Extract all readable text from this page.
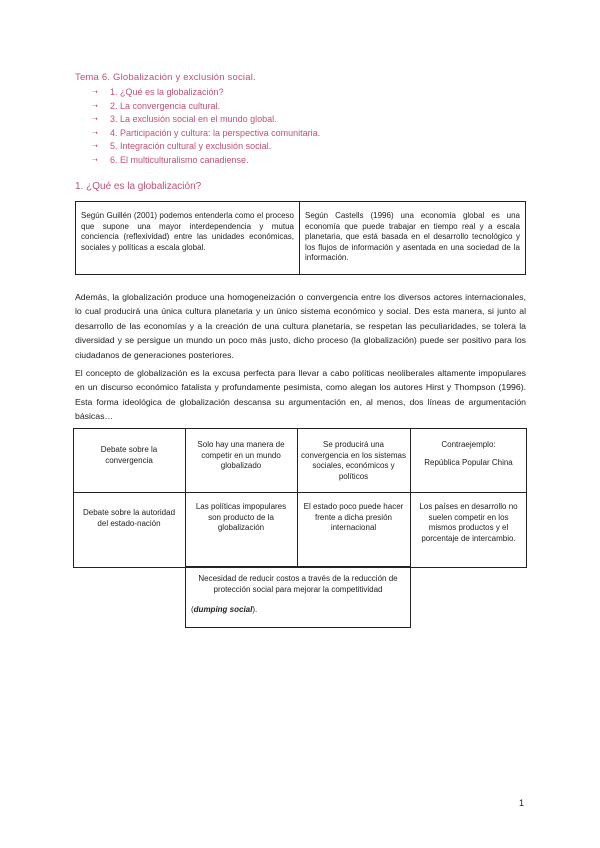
Tema 6. Globalización y exclusión social.
➝ 1. ¿Qué es la globalización?
➝ 2. La convergencia cultural.
➝ 3. La exclusión social en el mundo global.
➝ 4. Participación y cultura: la perspectiva comunitaria.
➝ 5. Integración cultural y exclusión social.
➝ 6. El multiculturalismo canadiense.
1. ¿Qué es la globalización?
Según Guillén (2001) podemos entenderla como el proceso que supone una mayor interdependencia y mutua conciencia (reflexividad) entre las unidades económicas, sociales y políticas a escala global.
Según Castells (1996) una economía global es una economía que puede trabajar en tiempo real y a escala planetaria, que está basada en el desarrollo tecnológico y los flujos de información y asentada en una sociedad de la información.
Además, la globalización produce una homogeneización o convergencia entre los diversos actores internacionales, lo cual producirá una única cultura planetaria y un único sistema económico y social. Des esta manera, si junto al desarrollo de las economías y a la creación de una cultura planetaria, se respetan las peculiaridades, se tolera la diversidad y se persigue un mundo un poco más justo, dicho proceso (la globalización) puede ser positivo para los ciudadanos de generaciones posteriores.
El concepto de globalización es la excusa perfecta para llevar a cabo políticas neoliberales altamente impopulares en un discurso económico fatalista y profundamente pesimista, como alegan los autores Hirst y Thompson (1996). Esta forma ideológica de globalización descansa su argumentación en, al menos, dos líneas de argumentación básicas…
Debate sobre la convergencia
Solo hay una manera de competir en un mundo globalizado
Se producirá una convergencia en los sistemas sociales, económicos y políticos
Contraejemplo:
República Popular China
Debate sobre la autoridad del estado-nación
Las políticas impopulares son producto de la globalización
El estado poco puede hacer frente a dicha presión internacional
Los países en desarrollo no suelen competir en los mismos productos y el porcentaje de intercambio.
Necesidad de reducir costos a través de la reducción de protección social para mejorar la competitividad
(dumping social).
1
